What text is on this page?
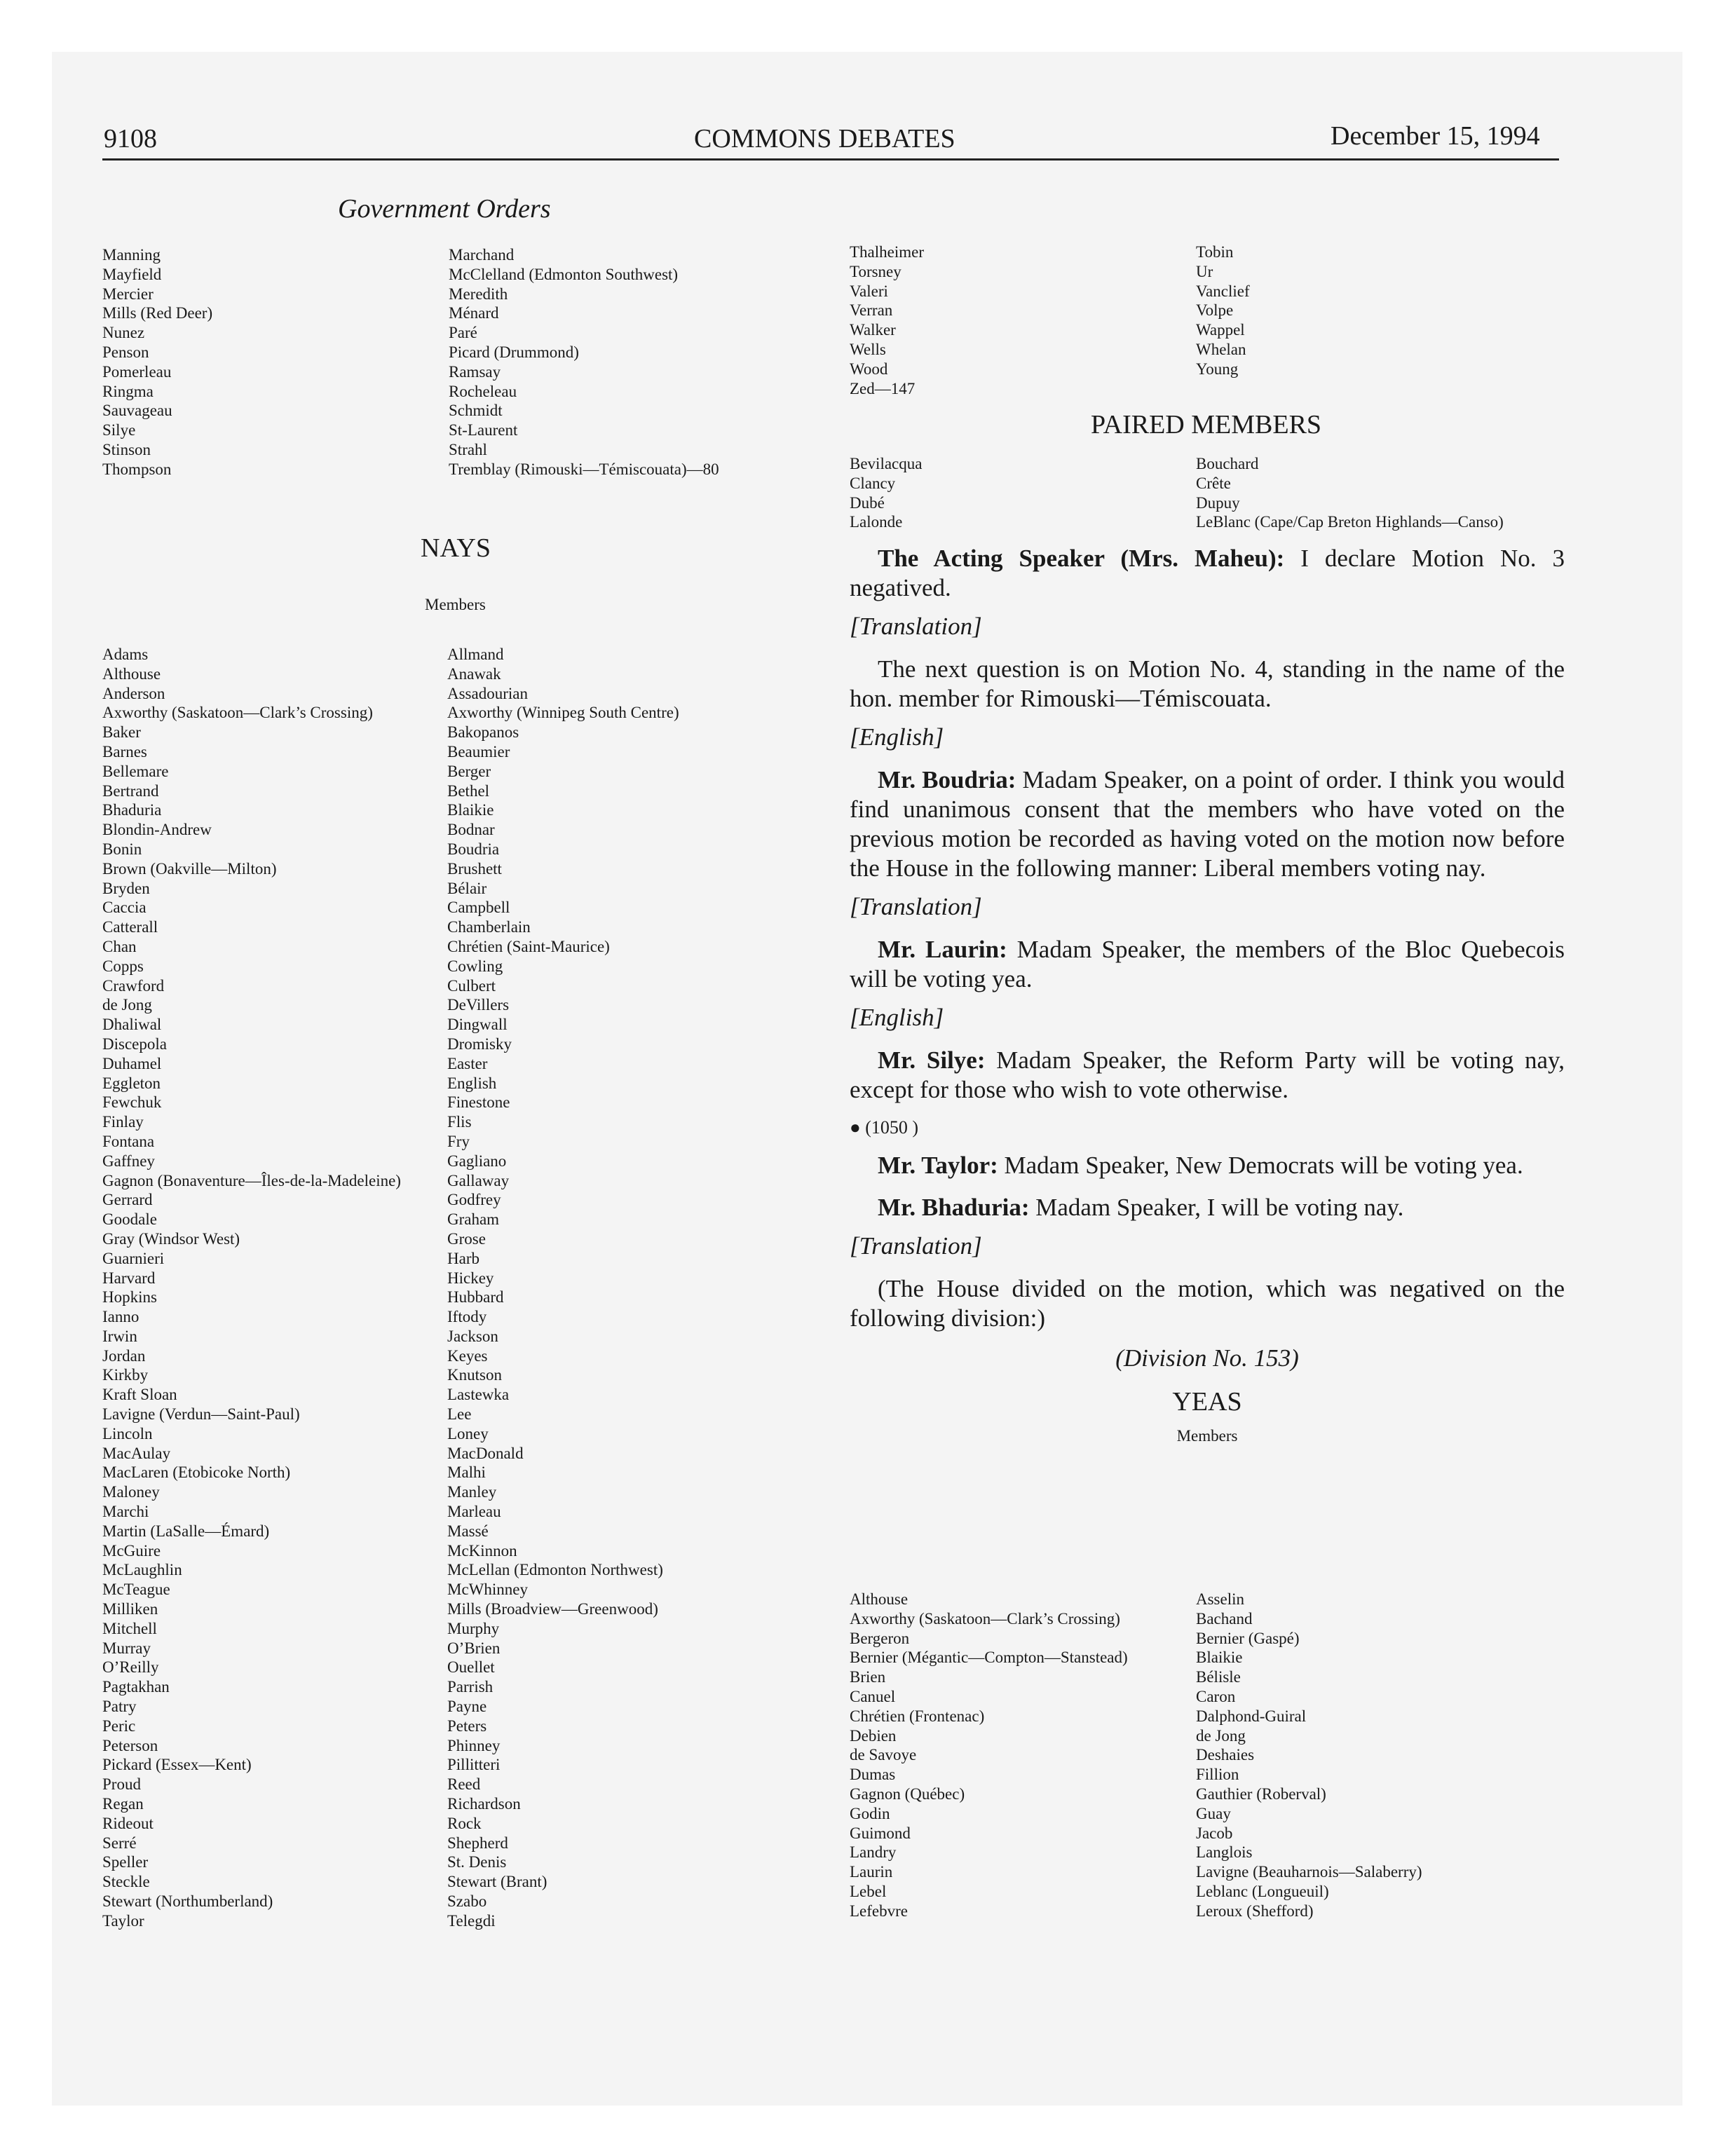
9108	COMMONS DEBATES	December 15, 1994
Government Orders
Manning
Mayfield
Mercier
Mills (Red Deer)
Nunez
Penson
Pomerleau
Ringma
Sauvageau
Silye
Stinson
Thompson
Marchand
McClelland (Edmonton Southwest)
Meredith
Ménard
Paré
Picard (Drummond)
Ramsay
Rocheleau
Schmidt
St-Laurent
Strahl
Tremblay (Rimouski—Témiscouata)—80
NAYS
Members
Adams
Althouse
Anderson
Axworthy (Saskatoon—Clark’s Crossing)
Baker
Barnes
Bellemare
Bertrand
Bhaduria
Blondin-Andrew
Bonin
Brown (Oakville—Milton)
Bryden
Caccia
Catterall
Chan
Copps
Crawford
de Jong
Dhaliwal
Discepola
Duhamel
Eggleton
Fewchuk
Finlay
Fontana
Gaffney
Gagnon (Bonaventure—Îles-de-la-Madeleine)
Gerrard
Goodale
Gray (Windsor West)
Guarnieri
Harvard
Hopkins
Ianno
Irwin
Jordan
Kirkby
Kraft Sloan
Lavigne (Verdun—Saint-Paul)
Lincoln
MacAulay
MacLaren (Etobicoke North)
Maloney
Marchi
Martin (LaSalle—Émard)
McGuire
McLaughlin
McTeague
Milliken
Mitchell
Murray
O’Reilly
Pagtakhan
Patry
Peric
Peterson
Pickard (Essex—Kent)
Proud
Regan
Rideout
Serré
Speller
Steckle
Stewart (Northumberland)
Taylor
Allmand
Anawak
Assadourian
Axworthy (Winnipeg South Centre)
Bakopanos
Beaumier
Berger
Bethel
Blaikie
Bodnar
Boudria
Brushett
Bélair
Campbell
Chamberlain
Chrétien (Saint-Maurice)
Cowling
Culbert
DeVillers
Dingwall
Dromisky
Easter
English
Finestone
Flis
Fry
Gagliano
Gallaway
Godfrey
Graham
Grose
Harb
Hickey
Hubbard
Iftody
Jackson
Keyes
Knutson
Lastewka
Lee
Loney
MacDonald
Malhi
Manley
Marleau
Massé
McKinnon
McLellan (Edmonton Northwest)
McWhinney
Mills (Broadview—Greenwood)
Murphy
O’Brien
Ouellet
Parrish
Payne
Peters
Phinney
Pillitteri
Reed
Richardson
Rock
Shepherd
St. Denis
Stewart (Brant)
Szabo
Telegdi
Thalheimer
Torsney
Valeri
Verran
Walker
Wells
Wood
Zed—147
Tobin
Ur
Vanclief
Volpe
Wappel
Whelan
Young
PAIRED MEMBERS
Bevilacqua
Clancy
Dubé
Lalonde
Bouchard
Crête
Dupuy
LeBlanc (Cape/Cap Breton Highlands—Canso)

The Acting Speaker (Mrs. Maheu): I declare Motion No. 3 negatived.

[Translation]

The next question is on Motion No. 4, standing in the name of the hon. member for Rimouski—Témiscouata.

[English]

Mr. Boudria: Madam Speaker, on a point of order. I think you would find unanimous consent that the members who have voted on the previous motion be recorded as having voted on the motion now before the House in the following manner: Liberal members voting nay.

[Translation]

Mr. Laurin: Madam Speaker, the members of the Bloc Quebecois will be voting yea.

[English]

Mr. Silye: Madam Speaker, the Reform Party will be voting nay, except for those who wish to vote otherwise.

● (1050 )

Mr. Taylor: Madam Speaker, New Democrats will be voting yea.

Mr. Bhaduria: Madam Speaker, I will be voting nay.

[Translation]

(The House divided on the motion, which was negatived on the following division:)

(Division No. 153)
YEAS
Members
Althouse
Axworthy (Saskatoon—Clark’s Crossing)
Bergeron
Bernier (Mégantic—Compton—Stanstead)
Brien
Canuel
Chrétien (Frontenac)
Debien
de Savoye
Dumas
Gagnon (Québec)
Godin
Guimond
Landry
Laurin
Lebel
Lefebvre
Asselin
Bachand
Bernier (Gaspé)
Blaikie
Bélisle
Caron
Dalphond-Guiral
de Jong
Deshaies
Fillion
Gauthier (Roberval)
Guay
Jacob
Langlois
Lavigne (Beauharnois—Salaberry)
Leblanc (Longueuil)
Leroux (Shefford)
